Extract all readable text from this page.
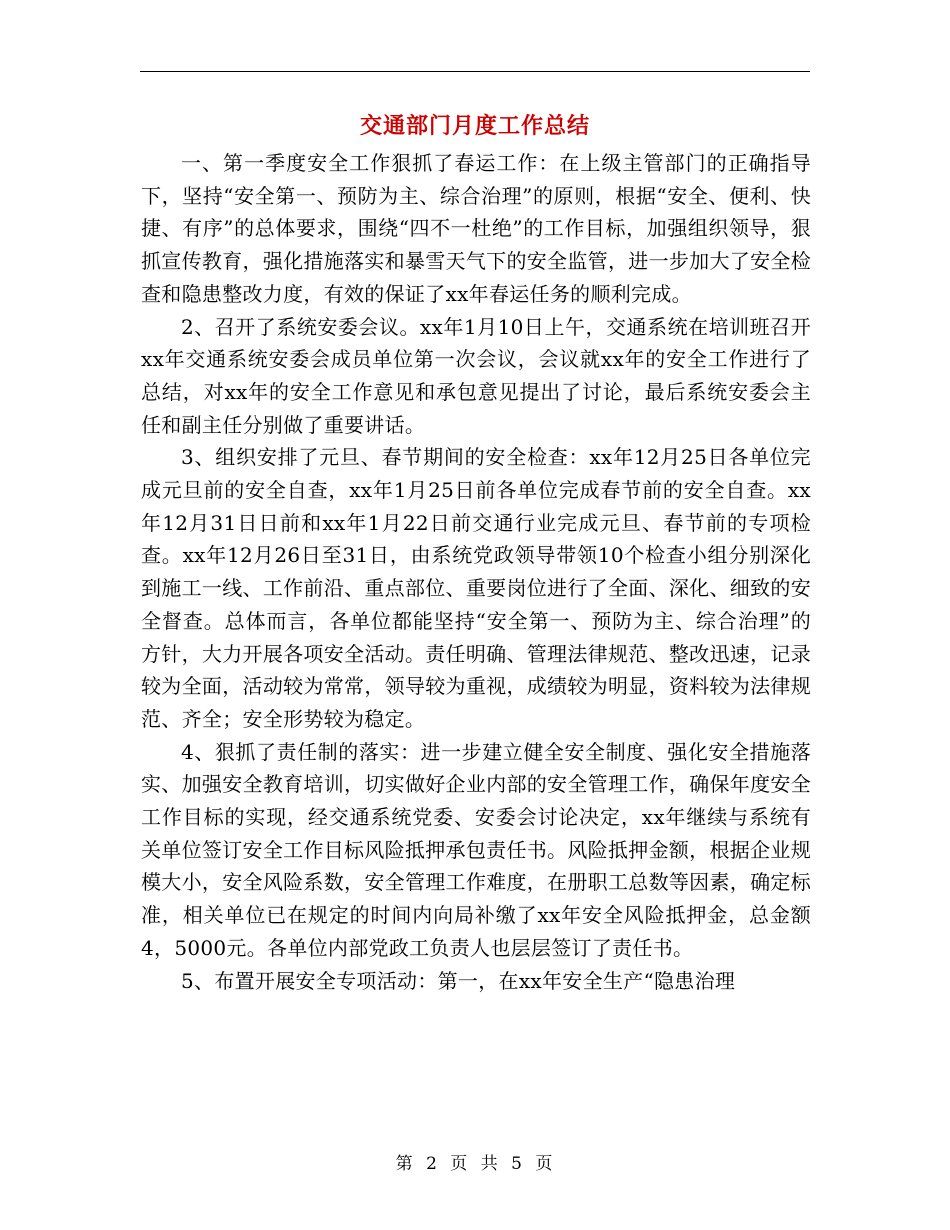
交通部门月度工作总结

一、第一季度安全工作狠抓了春运工作：在上级主管部门的正确指导下，坚持“安全第一、预防为主、综合治理”的原则，根据“安全、便利、快捷、有序”的总体要求，围绕“四不一杜绝”的工作目标，加强组织领导，狠抓宣传教育，强化措施落实和暴雪天气下的安全监管，进一步加大了安全检查和隐患整改力度，有效的保证了xx年春运任务的顺利完成。

2、召开了系统安委会议。xx年1月10日上午，交通系统在培训班召开xx年交通系统安委会成员单位第一次会议，会议就xx年的安全工作进行了总结，对xx年的安全工作意见和承包意见提出了讨论，最后系统安委会主任和副主任分别做了重要讲话。

3、组织安排了元旦、春节期间的安全检查：xx年12月25日各单位完成元旦前的安全自查，xx年1月25日前各单位完成春节前的安全自查。xx年12月31日日前和xx年1月22日前交通行业完成元旦、春节前的专项检查。xx年12月26日至31日，由系统党政领导带领10个检查小组分别深化到施工一线、工作前沿、重点部位、重要岗位进行了全面、深化、细致的安全督查。总体而言，各单位都能坚持“安全第一、预防为主、综合治理”的方针，大力开展各项安全活动。责任明确、管理法律规范、整改迅速，记录较为全面，活动较为常常，领导较为重视，成绩较为明显，资料较为法律规范、齐全；安全形势较为稳定。

4、狠抓了责任制的落实：进一步建立健全安全制度、强化安全措施落实、加强安全教育培训，切实做好企业内部的安全管理工作，确保年度安全工作目标的实现，经交通系统党委、安委会讨论决定，xx年继续与系统有关单位签订安全工作目标风险抵押承包责任书。风险抵押金额，根据企业规模大小，安全风险系数，安全管理工作难度，在册职工总数等因素，确定标准，相关单位已在规定的时间内向局补缴了xx年安全风险抵押金，总金额4，5000元。各单位内部党政工负责人也层层签订了责任书。

5、布置开展安全专项活动：第一，在xx年安全生产“隐患治理

第 2 页 共 5 页
